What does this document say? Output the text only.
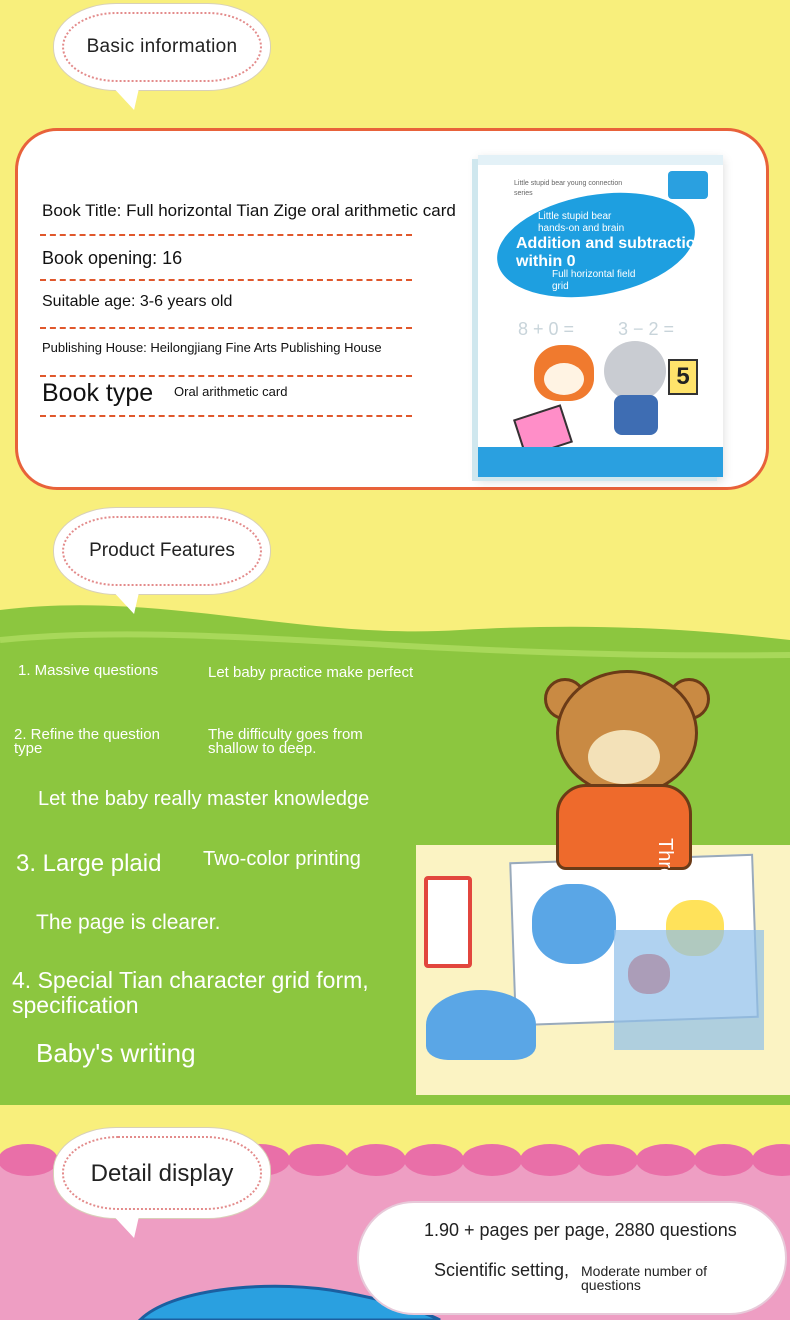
Basic information
Book Title: Full horizontal Tian Zige oral arithmetic card
Book opening: 16
Suitable age: 3-6 years old
Publishing House: Heilongjiang Fine Arts Publishing House
Book type Oral arithmetic card
Little stupid bear young connection series
Little stupid bear
hands-on and brain
Addition and subtraction within 0
Full horizontal field grid
8 + 0 = 3 − 2 =
5
Product Features
Three
1. Massive questions	Let baby practice make perfect
2. Refine the question type
The difficulty goes from shallow to deep.
Let the baby really master knowledge
3. Large plaid Two-color printing
The page is clearer.
4. Special Tian character grid form, specification
Baby's writing
Detail display
1.90 + pages per page, 2880 questions
Scientific setting, Moderate number of questions
